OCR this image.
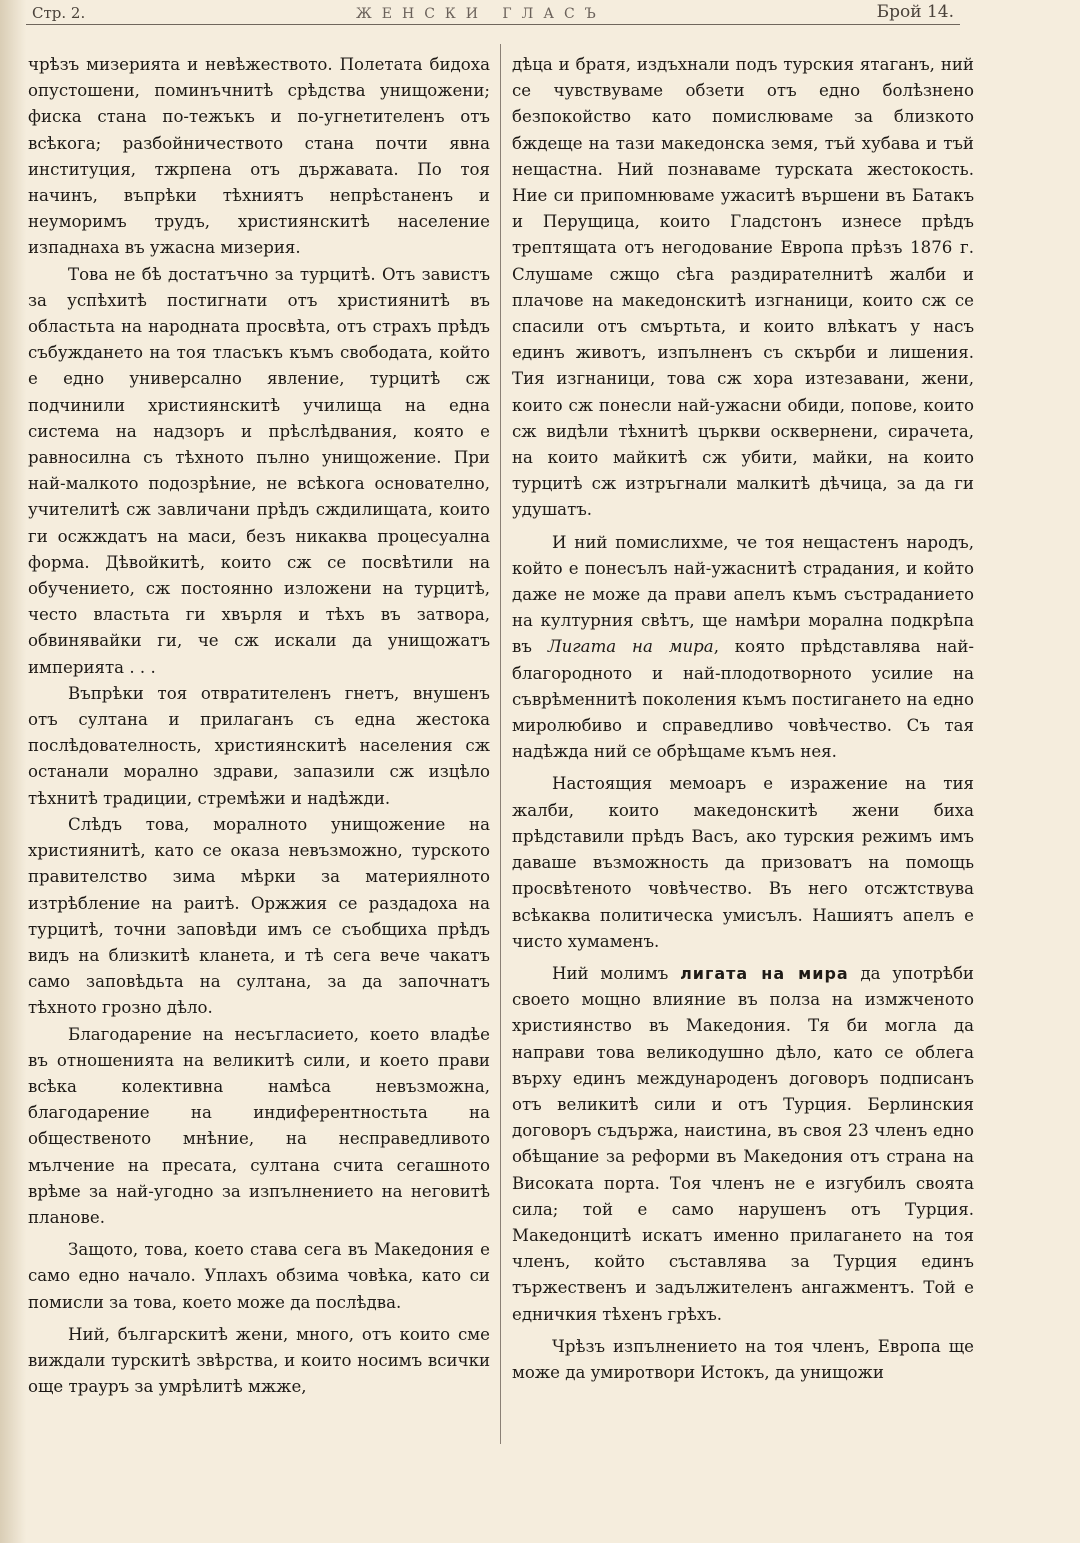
Стр. 2.	ЖЕНСКИ ГЛАСЪ	Брой 14.

чрѣзъ мизерията и невѣжеството. Полетата бидоха опустошени, поминъчнитѣ срѣдства унищожени; фиска стана по-тежъкъ и по-угнетителенъ отъ всѣкога; разбойничеството стана почти явна институция, тжрпена отъ държавата. По тоя начинъ, въпрѣки тѣхниятъ непрѣстаненъ и неуморимъ трудъ, християнскитѣ население изпаднаха въ ужасна мизерия.

Това не бѣ достатъчно за турцитѣ. Отъ завистъ за успѣхитѣ постигнати отъ християнитѣ въ областьта на народната просвѣта, отъ страхъ прѣдъ събуждането на тоя тласъкъ къмъ свободата, който е едно универсално явление, турцитѣ сж подчинили християнскитѣ училища на една система на надзоръ и прѣслѣдвания, която е равносилна съ тѣхното пълно унищожение. При най-малкото подозрѣние, не всѣкога основателно, учителитѣ сж завличани прѣдъ сждилищата, които ги осжждатъ на маси, безъ никаква процесуална форма. Дѣвойкитѣ, които сж се посвѣтили на обучението, сж постоянно изложени на турцитѣ, често властьта ги хвърля и тѣхъ въ затвора, обвинявайки ги, че сж искали да унищожатъ империята . . .

Въпрѣки тоя отвратителенъ гнетъ, внушенъ отъ султана и прилаганъ съ една жестока послѣдователность, християнскитѣ населения сж останали морално здрави, запазили сж изцѣло тѣхнитѣ традиции, стремѣжи и надѣжди.

Слѣдъ това, моралното унищожение на християнитѣ, като се оказа невъзможно, турското правителство зима мѣрки за материялното изтрѣбление на раитѣ. Оржжия се раздадоха на турцитѣ, точни заповѣди имъ се съобщиха прѣдъ видъ на близкитѣ кланета, и тѣ сега вече чакатъ само заповѣдьта на султана, за да започнатъ тѣхното грозно дѣло.

Благодарение на несъгласието, което владѣе въ отношенията на великитѣ сили, и което прави всѣка колективна намѣса невъзможна, благодарение на индиферентностьта на общественото мнѣние, на несправедливото мълчение на пресата, султана счита сегашното врѣме за най-угодно за изпълнението на неговитѣ планове.

Защото, това, което става сега въ Македония е само едно начало. Уплахъ обзима човѣка, като си помисли за това, което може да послѣдва.

Ний, българскитѣ жени, много, отъ които сме виждали турскитѣ звѣрства, и които носимъ всички още трауръ за умрѣлитѣ мжже,

дѣца и братя, издъхнали подъ турския ятаганъ, ний се чувствуваме обзети отъ едно болѣзнено безпокойство като помислюваме за близкото бждеще на тази македонска земя, тъй хубава и тъй нещастна. Ний познаваме турската жестокость. Ние си припомнюваме ужаситѣ вършени въ Батакъ и Перущица, които Гладстонъ изнесе прѣдъ трептящата отъ негодование Европа прѣзъ 1876 г. Слушаме сжщо сѣга раздирателнитѣ жалби и плачове на македонскитѣ изгнаници, които сж се спасили отъ смъртьта, и които влѣкатъ у насъ единъ животъ, изпълненъ съ скърби и лишения. Тия изгнаници, това сж хора изтезавани, жени, които сж понесли най-ужасни обиди, попове, които сж видѣли тѣхнитѣ църкви осквернени, сирачета, на които майкитѣ сж убити, майки, на които турцитѣ сж изтръгнали малкитѣ дѣчица, за да ги удушатъ.

И ний помислихме, че тоя нещастенъ народъ, който е понесълъ най-ужаснитѣ страдания, и който даже не може да прави апелъ къмъ състраданието на културния свѣтъ, ще намѣри морална подкрѣпа въ Лигата на мира, която прѣдставлява най-благородното и най-плодотворното усилие на съврѣменнитѣ поколения къмъ постигането на едно миролюбиво и справедливо човѣчество. Съ тая надѣжда ний се обрѣщаме къмъ нея.

Настоящия мемоаръ е изражение на тия жалби, които македонскитѣ жени биха прѣдставили прѣдъ Васъ, ако турския режимъ имъ даваше възможность да призоватъ на помощь просвѣтеното човѣчество. Въ него отсжтствува всѣкаква политическа умисълъ. Нашиятъ апелъ е чисто хумаменъ.

Ний молимъ лигата на мира да употрѣби своето мощно влияние въ полза на измжченото християнство въ Македония. Тя би могла да направи това великодушно дѣло, като се облега върху единъ международенъ договоръ подписанъ отъ великитѣ сили и отъ Турция. Берлинския договоръ съдържа, наистина, въ своя 23 членъ едно обѣщание за реформи въ Македония отъ страна на Високата порта. Тоя членъ не е изгубилъ своята сила; той е само нарушенъ отъ Турция. Македонцитѣ искатъ именно прилагането на тоя членъ, който съставлява за Турция единъ тържественъ и задължителенъ ангажментъ. Той е едничкия тѣхенъ грѣхъ.

Чрѣзъ изпълнението на тоя членъ, Европа ще може да умиротвори Истокъ, да унищожи
